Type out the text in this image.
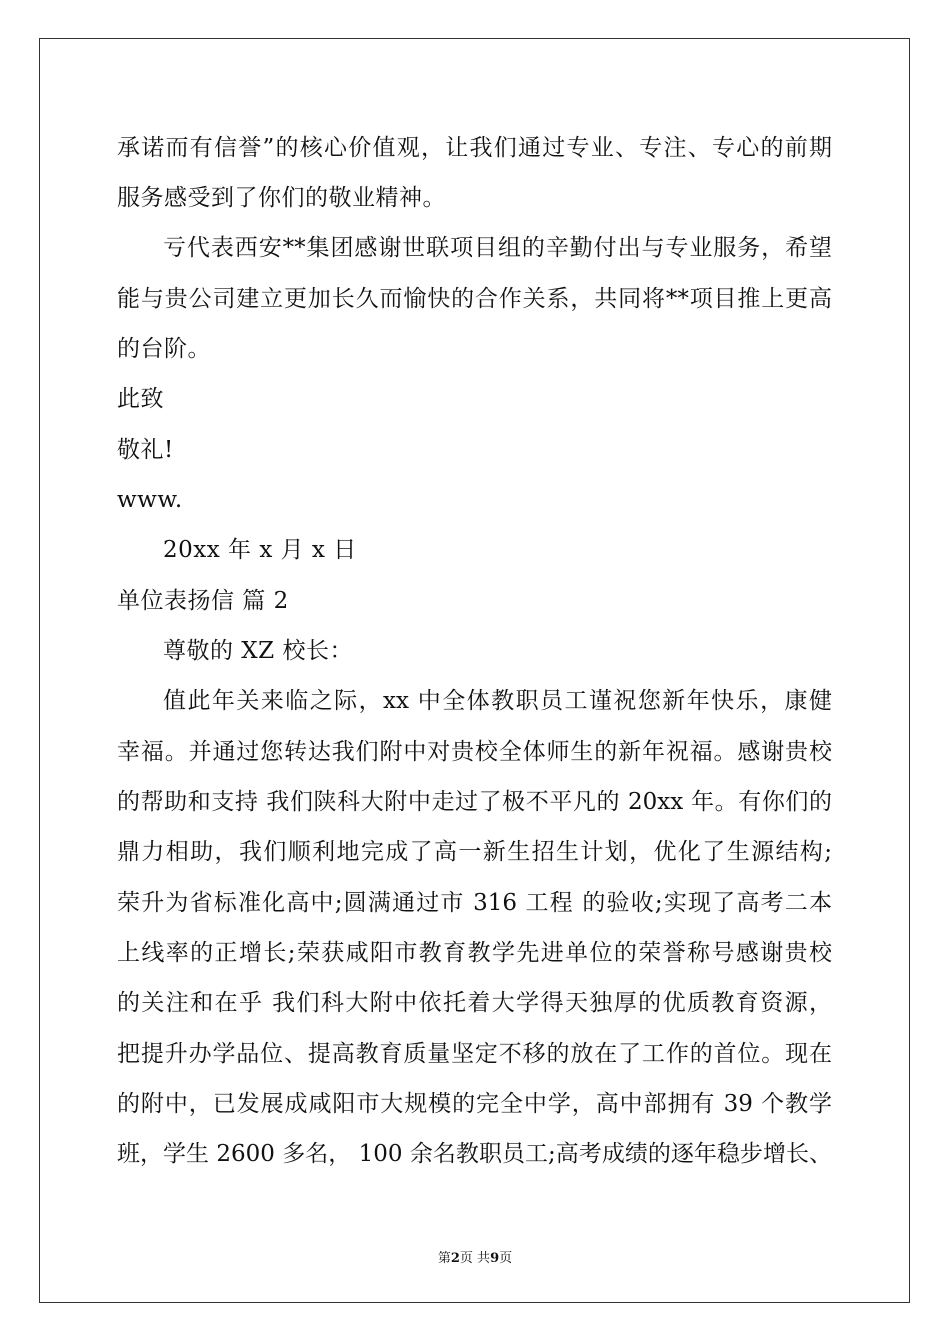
承诺而有信誉”的核心价值观，让我们通过专业、专注、专心的前期
服务感受到了你们的敬业精神。
亏代表西安**集团感谢世联项目组的辛勤付出与专业服务，希望
能与贵公司建立更加长久而愉快的合作关系，共同将**项目推上更高
的台阶。
此致
敬礼!
www.
20xx 年 x 月 x 日
单位表扬信 篇 2
尊敬的 XZ 校长：
值此年关来临之际，xx 中全体教职员工谨祝您新年快乐，康健
幸福。并通过您转达我们附中对贵校全体师生的新年祝福。感谢贵校
的帮助和支持 我们陕科大附中走过了极不平凡的 20xx 年。有你们的
鼎力相助，我们顺利地完成了高一新生招生计划，优化了生源结构;
荣升为省标准化高中;圆满通过市 316 工程 的验收;实现了高考二本
上线率的正增长;荣获咸阳市教育教学先进单位的荣誉称号感谢贵校
的关注和在乎 我们科大附中依托着大学得天独厚的优质教育资源，
把提升办学品位、提高教育质量坚定不移的放在了工作的首位。现在
的附中，已发展成咸阳市大规模的完全中学，高中部拥有 39 个教学
班，学生 2600 多名， 100 余名教职员工;高考成绩的逐年稳步增长、
第2页 共9页
